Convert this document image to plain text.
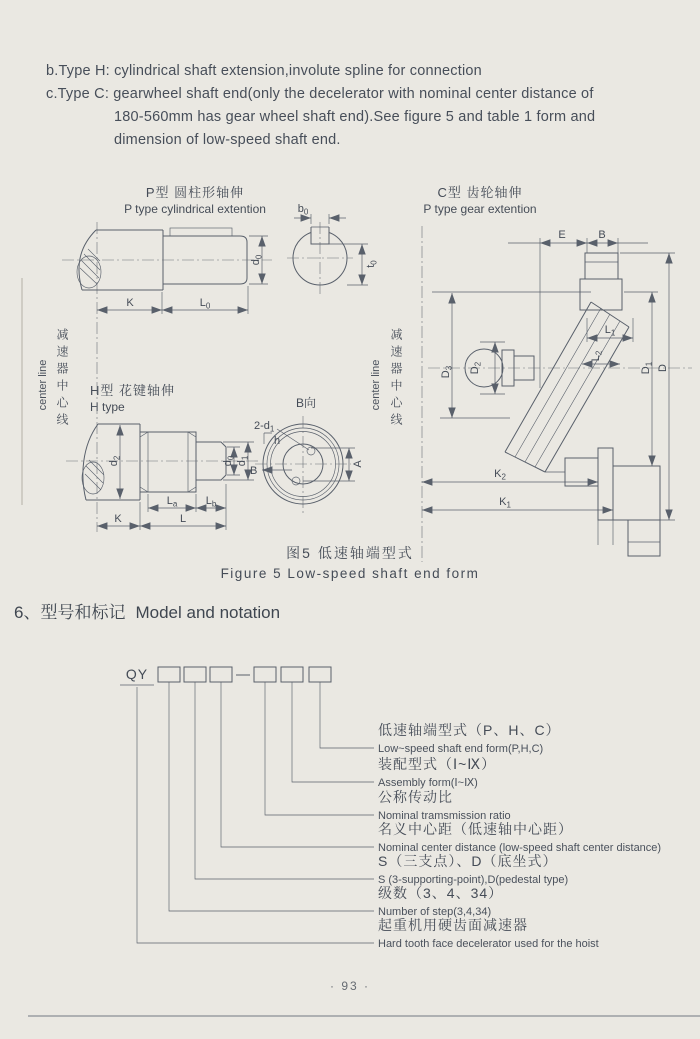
b.Type H: cylindrical shaft extension,involute spline for connection
c.Type C: gearwheel shaft end(only the decelerator with nominal center distance of
180-560mm has gear wheel shaft end).See figure 5 and table 1 form and
dimension of low-speed shaft end.
P型 圆柱形轴伸
P type cylindrical extention
C型 齿轮轴伸
P type gear extention
H型 花键轴伸
H type
减速器中心线
center line	减速器中心线
center line
图5 低速轴端型式
Figure 5 Low-speed shaft end form
6、型号和标记 Model and notation
低速轴端型式（P、H、C）
Low~speed shaft end form(P,H,C)
装配型式（Ⅰ~Ⅸ）
Assembly form(Ⅰ~Ⅸ)
公称传动比
Nominal tramsmission ratio
名义中心距（低速轴中心距）
Nominal center distance (low-speed shaft center distance)
S（三支点）、D（底坐式）
S (3-supporting-point),D(pedestal type)
级数（3、4、34）
Number of step(3,4,34)
起重机用硬齿面减速器
Hard tooth face decelerator used for the hoist
· 93 ·
$d_0$
K	$L_0$
$b_0$
$t_0$
$d_2$
$d_0$
$d_1$
$L_a$	$L_b$
K	L
$2-d_1$
h
B
B向
A
E	B
$D_3$ $D_2$
$L_1$
$L_2$
$D_1$ D
$K_2$
$K_1$
QY
